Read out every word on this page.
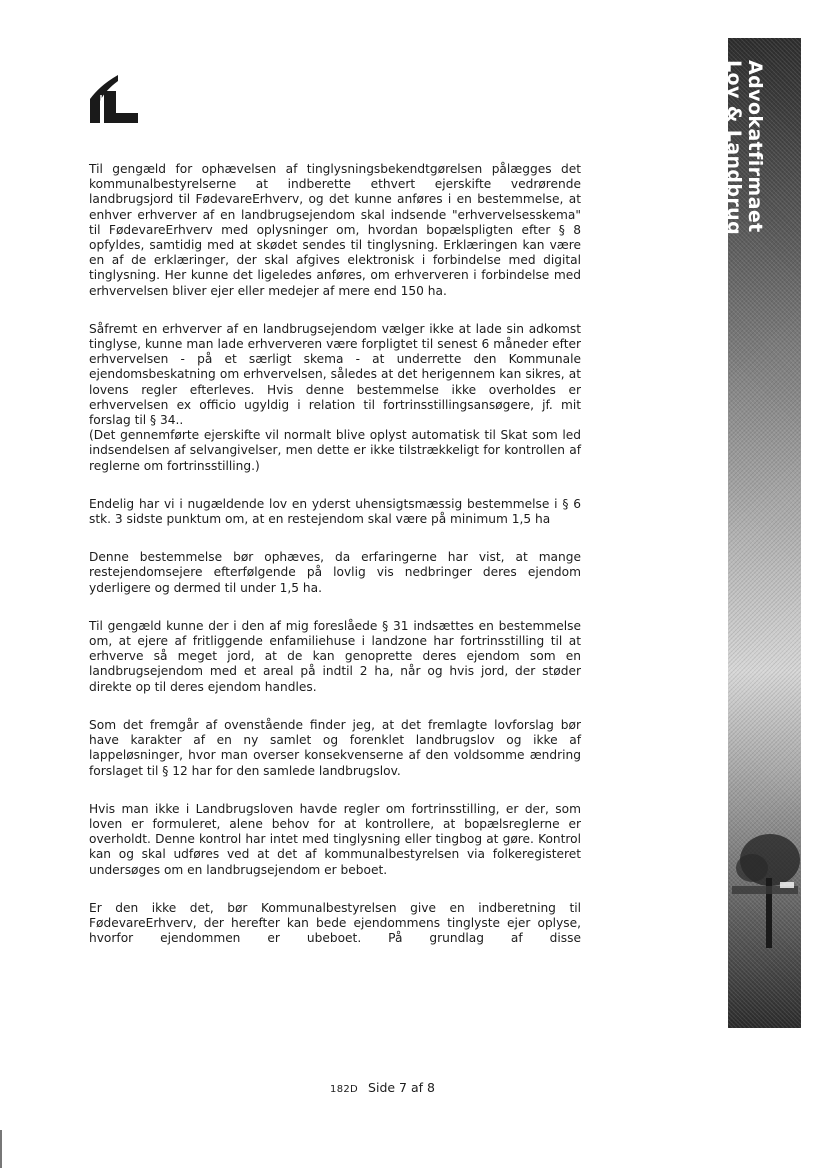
Advokatfirmaet
Lov & Landbrug

Til gengæld for ophævelsen af tinglysningsbekendtgørelsen pålægges det kommunalbestyrelserne at indberette ethvert ejerskifte vedrørende landbrugsjord til FødevareErhverv, og det kunne anføres i en bestemmelse, at enhver erhverver af en landbrugsejendom skal indsende "erhvervelsesskema" til FødevareErhverv med oplysninger om, hvordan bopælspligten efter § 8 opfyldes, samtidig med at skødet sendes til tinglysning. Erklæringen kan være en af de erklæringer, der skal afgives elektronisk i forbindelse med digital tinglysning. Her kunne det ligeledes anføres, om erhververen i forbindelse med erhvervelsen bliver ejer eller medejer af mere end 150 ha.

Såfremt en erhverver af en landbrugsejendom vælger ikke at lade sin adkomst tinglyse, kunne man lade erhververen være forpligtet til senest 6 måneder efter erhvervelsen - på et særligt skema - at underrette den Kommunale ejendomsbeskatning om erhvervelsen, således at det herigennem kan sikres, at lovens regler efterleves. Hvis denne bestemmelse ikke overholdes er erhvervelsen ex officio ugyldig i relation til fortrinsstillingsansøgere, jf. mit forslag til § 34..

(Det gennemførte ejerskifte vil normalt blive oplyst automatisk til Skat som led indsendelsen af selvangivelser, men dette er ikke tilstrækkeligt for kontrollen af reglerne om fortrinsstilling.)

Endelig har vi i nugældende lov en yderst uhensigtsmæssig bestemmelse i § 6 stk. 3 sidste punktum om, at en restejendom skal være på minimum 1,5 ha

Denne bestemmelse bør ophæves, da erfaringerne har vist, at mange restejendomsejere efterfølgende på lovlig vis nedbringer deres ejendom yderligere og dermed til under 1,5 ha.

Til gengæld kunne der i den af mig foreslåede § 31 indsættes en bestemmelse om, at ejere af fritliggende enfamiliehuse i landzone har fortrinsstilling til at erhverve så meget jord, at de kan genoprette deres ejendom som en landbrugsejendom med et areal på indtil 2 ha, når og hvis jord, der støder direkte op til deres ejendom handles.

Som det fremgår af ovenstående finder jeg, at det fremlagte lovforslag bør have karakter af en ny samlet og forenklet landbrugslov og ikke af lappeløsninger, hvor man overser konsekvenserne af den voldsomme ændring forslaget til § 12 har for den samlede landbrugslov.

Hvis man ikke i Landbrugsloven havde regler om fortrinsstilling, er der, som loven er formuleret, alene behov for at kontrollere, at bopælsreglerne er overholdt. Denne kontrol har intet med tinglysning eller tingbog at gøre. Kontrol kan og skal udføres ved at det af kommunalbestyrelsen via folkeregisteret undersøges om en landbrugsejendom er beboet.

Er den ikke det, bør Kommunalbestyrelsen give en indberetning til FødevareErhverv, der herefter kan bede ejendommens tinglyste ejer oplyse, hvorfor ejendommen er ubeboet. På grundlag af disse

182D Side 7 af 8
